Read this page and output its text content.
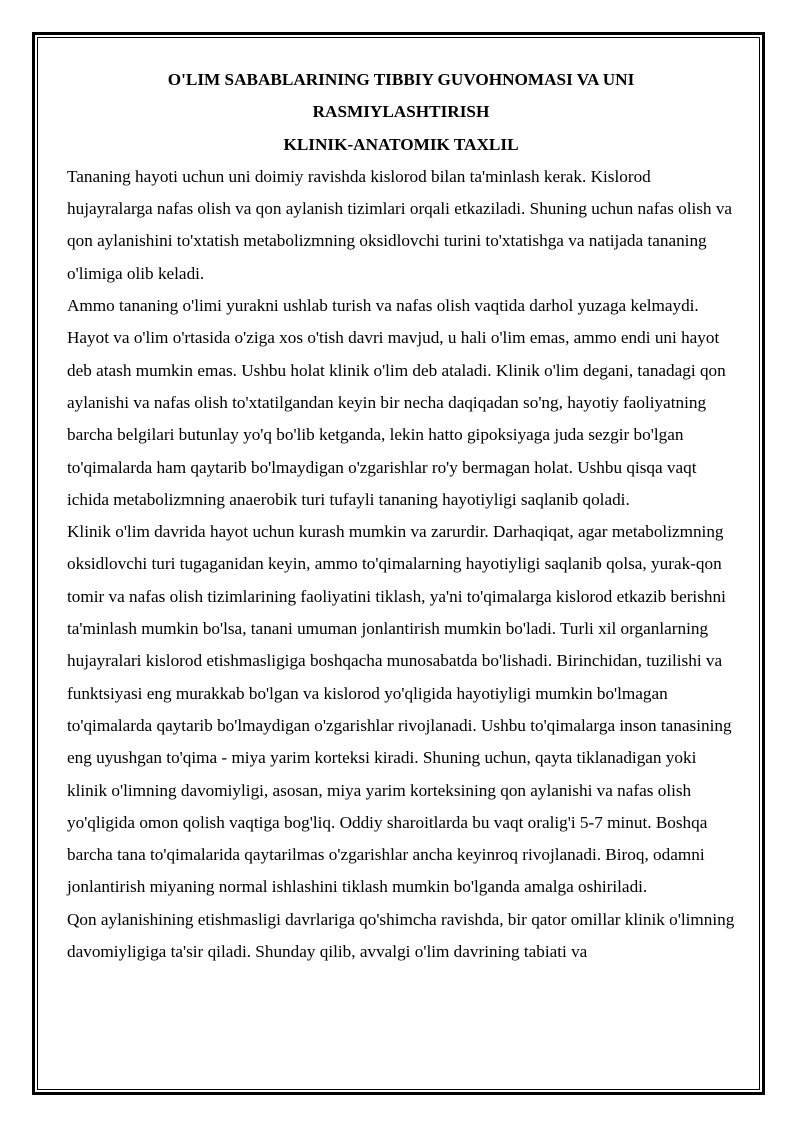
O'LIM SABABLARINING TIBBIY GUVOHNOMASI VA UNI
RASMIYLASHTIRISH
KLINIK-ANATOMIK TAXLIL

Tananing hayoti uchun uni doimiy ravishda kislorod bilan ta'minlash kerak. Kislorod hujayralarga nafas olish va qon aylanish tizimlari orqali etkaziladi. Shuning uchun nafas olish va qon aylanishini to'xtatish metabolizmning oksidlovchi turini to'xtatishga va natijada tananing o'limiga olib keladi.

Ammo tananing o'limi yurakni ushlab turish va nafas olish vaqtida darhol yuzaga kelmaydi. Hayot va o'lim o'rtasida o'ziga xos o'tish davri mavjud, u hali o'lim emas, ammo endi uni hayot deb atash mumkin emas. Ushbu holat klinik o'lim deb ataladi. Klinik o'lim degani, tanadagi qon aylanishi va nafas olish to'xtatilgandan keyin bir necha daqiqadan so'ng, hayotiy faoliyatning barcha belgilari butunlay yo'q bo'lib ketganda, lekin hatto gipoksiyaga juda sezgir bo'lgan to'qimalarda ham qaytarib bo'lmaydigan o'zgarishlar ro'y bermagan holat. Ushbu qisqa vaqt ichida metabolizmning anaerobik turi tufayli tananing hayotiyligi saqlanib qoladi.

Klinik o'lim davrida hayot uchun kurash mumkin va zarurdir. Darhaqiqat, agar metabolizmning oksidlovchi turi tugaganidan keyin, ammo to'qimalarning hayotiyligi saqlanib qolsa, yurak-qon tomir va nafas olish tizimlarining faoliyatini tiklash, ya'ni to'qimalarga kislorod etkazib berishni ta'minlash mumkin bo'lsa, tanani umuman jonlantirish mumkin bo'ladi. Turli xil organlarning hujayralari kislorod etishmasligiga boshqacha munosabatda bo'lishadi. Birinchidan, tuzilishi va funktsiyasi eng murakkab bo'lgan va kislorod yo'qligida hayotiyligi mumkin bo'lmagan to'qimalarda qaytarib bo'lmaydigan o'zgarishlar rivojlanadi. Ushbu to'qimalarga inson tanasining eng uyushgan to'qima - miya yarim korteksi kiradi. Shuning uchun, qayta tiklanadigan yoki klinik o'limning davomiyligi, asosan, miya yarim korteksining qon aylanishi va nafas olish yo'qligida omon qolish vaqtiga bog'liq. Oddiy sharoitlarda bu vaqt oralig'i 5-7 minut. Boshqa barcha tana to'qimalarida qaytarilmas o'zgarishlar ancha keyinroq rivojlanadi. Biroq, odamni jonlantirish miyaning normal ishlashini tiklash mumkin bo'lganda amalga oshiriladi.

Qon aylanishining etishmasligi davrlariga qo'shimcha ravishda, bir qator omillar klinik o'limning davomiyligiga ta'sir qiladi. Shunday qilib, avvalgi o'lim davrining tabiati va
